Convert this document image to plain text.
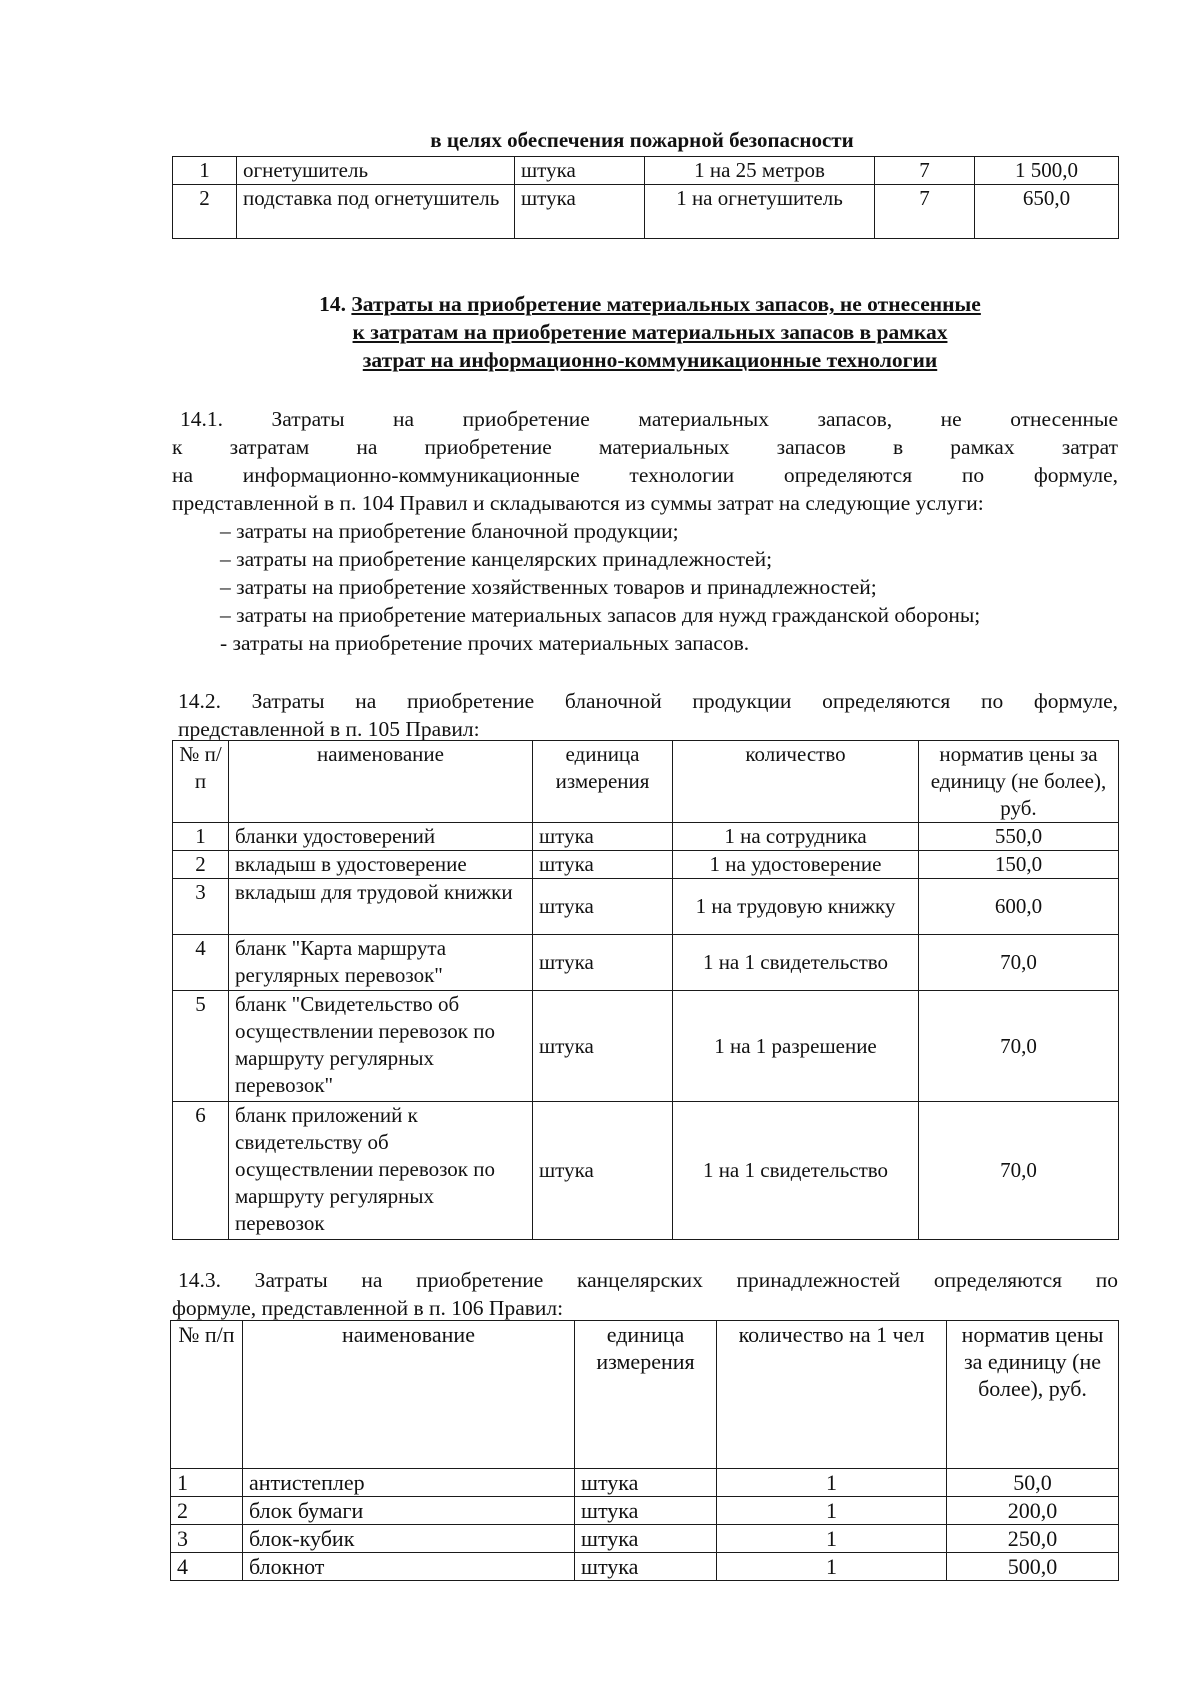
в целях обеспечения пожарной безопасности
1	огнетушитель	штука	1 на 25 метров	7	1 500,0
2	подставка под огнетушитель	штука	1 на огнетушитель	7	650,0
14. Затраты на приобретение материальных запасов, не отнесенные
к затратам на приобретение материальных запасов в рамках
затрат на информационно-коммуникационные технологии
14.1. Затраты на приобретение материальных запасов, не отнесенные
к затратам на приобретение материальных запасов в рамках затрат
на информационно-коммуникационные технологии определяются по формуле,
представленной в п. 104 Правил и складываются из суммы затрат на следующие услуги:
– затраты на приобретение бланочной продукции;
– затраты на приобретение канцелярских принадлежностей;
– затраты на приобретение хозяйственных товаров и принадлежностей;
– затраты на приобретение материальных запасов для нужд гражданской обороны;
- затраты на приобретение прочих материальных запасов.
14.2. Затраты на приобретение бланочной продукции определяются по формуле,
представленной в п. 105 Правил:
№ п/п	наименование	единица измерения	количество	норматив цены за единицу (не более), руб.
1	бланки удостоверений	штука	1 на сотрудника	550,0
2	вкладыш в удостоверение	штука	1 на удостоверение	150,0
3	вкладыш для трудовой книжки	штука	1 на трудовую книжку	600,0
4	бланк "Карта маршрута регулярных перевозок"	штука	1 на 1 свидетельство	70,0
5	бланк "Свидетельство об осуществлении перевозок по маршруту регулярных перевозок"	штука	1 на 1 разрешение	70,0
6	бланк приложений к свидетельству об осуществлении перевозок по маршруту регулярных перевозок	штука	1 на 1 свидетельство	70,0
14.3. Затраты на приобретение канцелярских принадлежностей определяются по
формуле, представленной в п. 106 Правил:
№ п/п	наименование	единица измерения	количество на 1 чел	норматив цены за единицу (не более), руб.
1	антистеплер	штука	1	50,0
2	блок бумаги	штука	1	200,0
3	блок-кубик	штука	1	250,0
4	блокнот	штука	1	500,0
